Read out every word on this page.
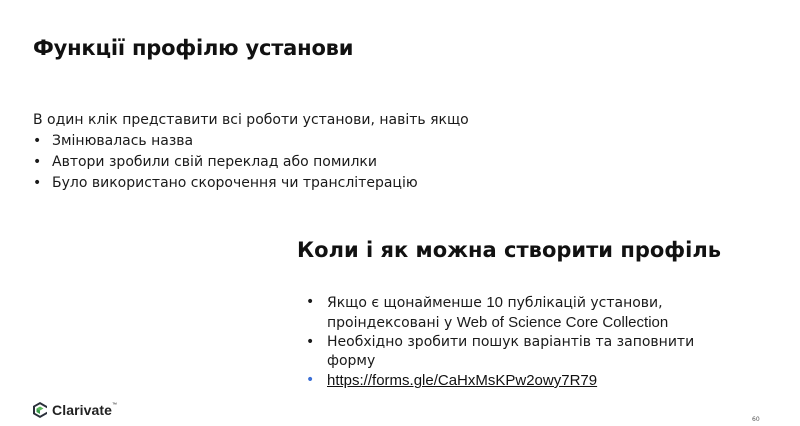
Функції профілю установи
В один клік представити всі роботи установи, навіть якщо
• Змінювалась назва
• Автори зробили свій переклад або помилки
• Було використано скорочення чи транслітерацію
Коли і як можна створити профіль
• Якщо є щонайменше 10 публікацій установи, проіндексовані у Web of Science Core Collection
• Необхідно зробити пошук варіантів та заповнити форму
• https://forms.gle/CaHxMsKPw2owy7R79
Clarivate™
60
